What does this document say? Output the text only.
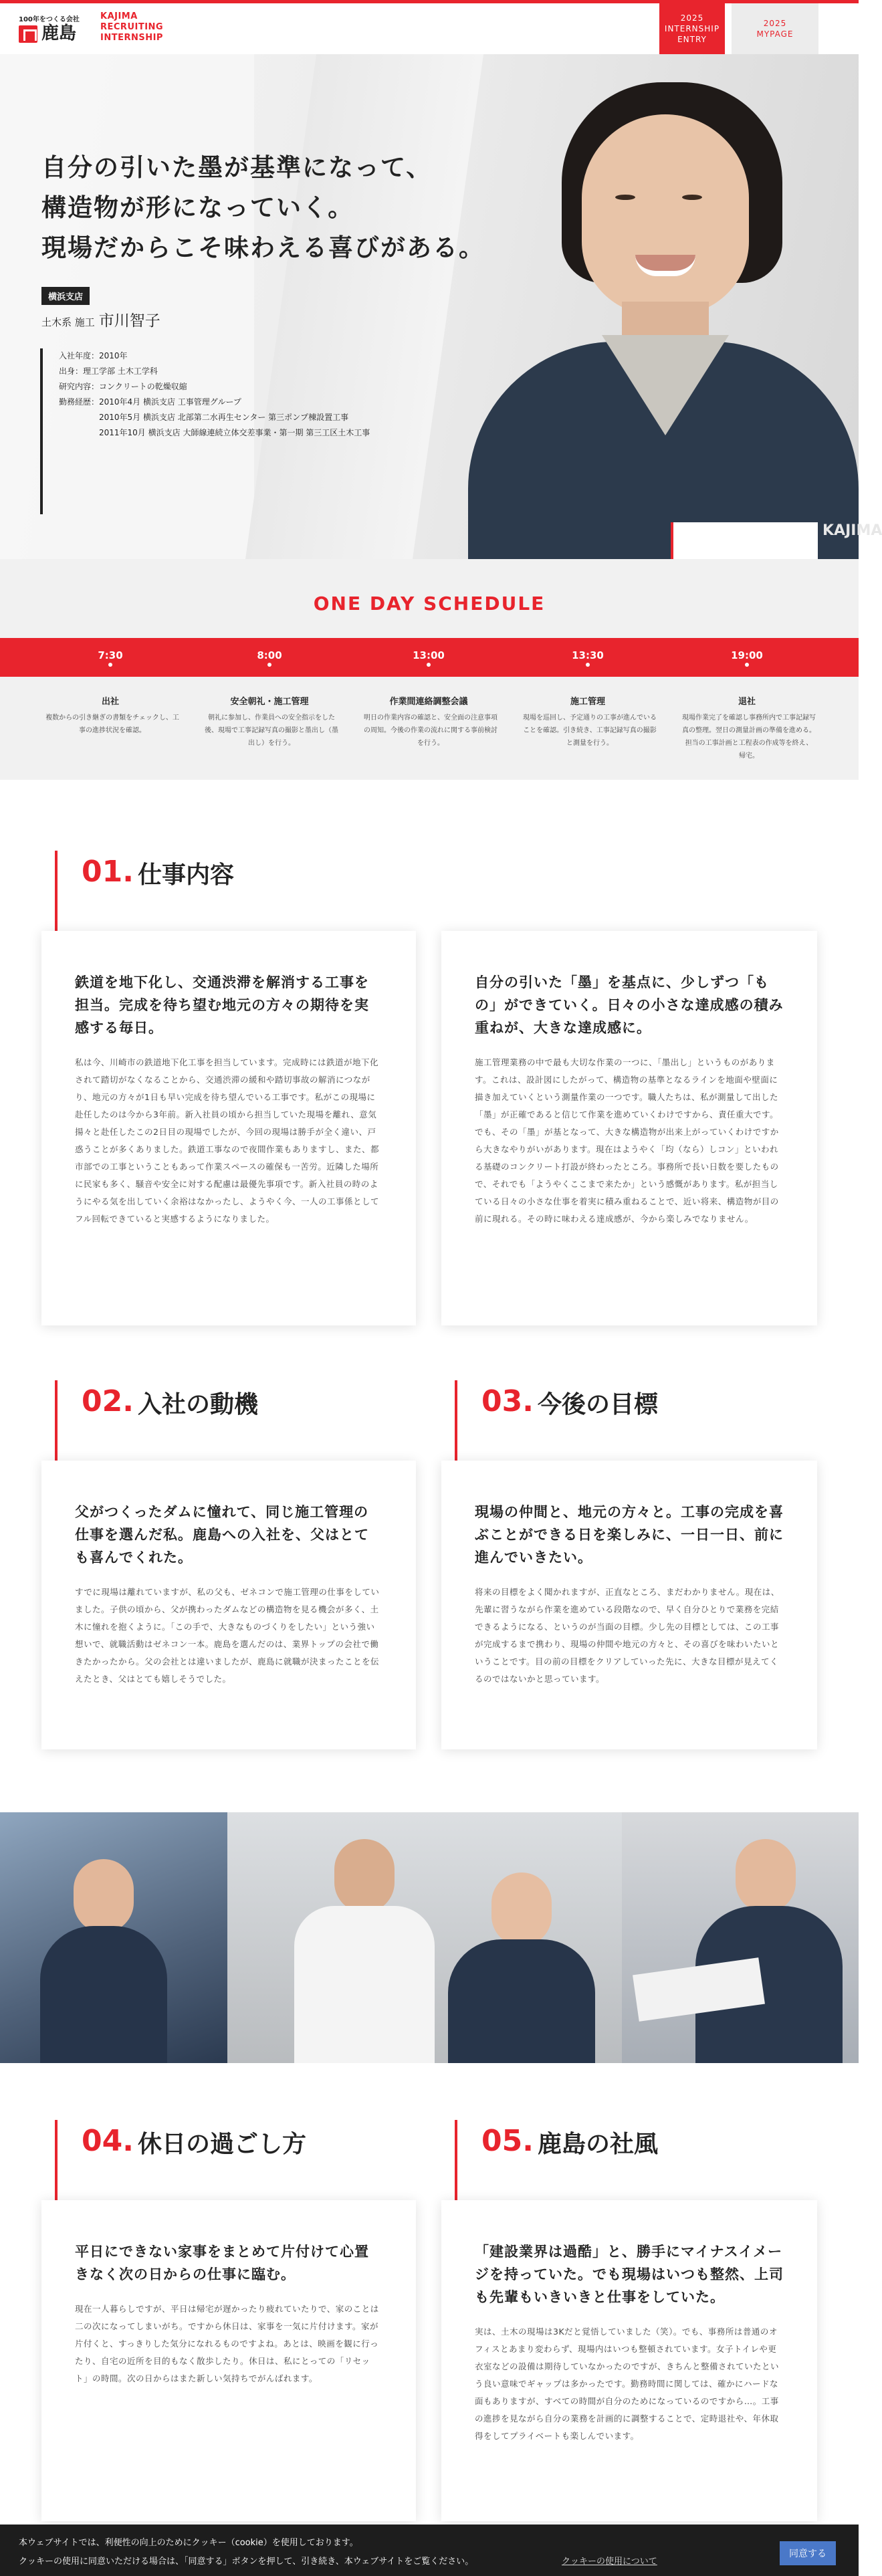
100年をつくる会社
鹿島
KAJIMA
RECRUITING
INTERNSHIP
2025
INTERNSHIP
ENTRY
2025
MYPAGE
KAJIMA
自分の引いた墨が基準になって、
構造物が形になっていく。
現場だからこそ味わえる喜びがある。
横浜支店
土木系 施工 市川智子
入社年度：2010年
出身：理工学部 土木工学科
研究内容：コンクリートの乾燥収縮
勤務経歴：2010年4月 横浜支店 工事管理グループ
2010年5月 横浜支店 北部第二水再生センター 第三ポンプ棟設置工事
2011年10月 横浜支店 大師線連続立体交差事業・第一期 第三工区土木工事
ONE DAY SCHEDULE
7:30
出社
複数からの引き継ぎの書類をチェックし、工事の進捗状況を確認。
8:00
安全朝礼・施工管理
朝礼に参加し、作業員への安全指示をした後、現場で工事記録写真の撮影と墨出し（墨出し）を行う。
13:00
作業間連絡調整会議
明日の作業内容の確認と、安全面の注意事項の周知。今後の作業の流れに関する事前検討を行う。
13:30
施工管理
現場を巡回し、予定通りの工事が進んでいることを確認。引き続き、工事記録写真の撮影と測量を行う。
19:00
退社
現場作業完了を確認し事務所内で工事記録写真の整理。翌日の測量計画の準備を進める。担当の工事計画と工程表の作成等を終え、帰宅。
01. 仕事内容
鉄道を地下化し、交通渋滞を解消する工事を担当。完成を待ち望む地元の方々の期待を実感する毎日。

私は今、川崎市の鉄道地下化工事を担当しています。完成時には鉄道が地下化されて踏切がなくなることから、交通渋滞の緩和や踏切事故の解消につながり、地元の方々が1日も早い完成を待ち望んでいる工事です。私がこの現場に赴任したのは今から3年前。新入社員の頃から担当していた現場を離れ、意気揚々と赴任したこの2日目の現場でしたが、今回の現場は勝手が全く違い、戸惑うことが多くありました。鉄道工事なので夜間作業もありますし、また、都市部での工事ということもあって作業スペースの確保も一苦労。近隣した場所に民家も多く、騒音や安全に対する配慮は最優先事項です。新入社員の時のようにやる気を出していく余裕はなかったし、ようやく今、一人の工事係としてフル回転できていると実感するようになりました。

自分の引いた「墨」を基点に、少しずつ「もの」ができていく。日々の小さな達成感の積み重ねが、大きな達成感に。

施工管理業務の中で最も大切な作業の一つに、「墨出し」というものがあります。これは、設計図にしたがって、構造物の基準となるラインを地面や壁面に描き加えていくという測量作業の一つです。職人たちは、私が測量して出した「墨」が正確であると信じて作業を進めていくわけですから、責任重大です。でも、その「墨」が基となって、大きな構造物が出来上がっていくわけですから大きなやりがいがあります。現在はようやく「均（なら）しコン」といわれる基礎のコンクリート打設が終わったところ。事務所で長い日数を要したもので、それでも「ようやくここまで来たか」という感慨があります。私が担当している日々の小さな仕事を着実に積み重ねることで、近い将来、構造物が目の前に現れる。その時に味わえる達成感が、今から楽しみでなりません。

02. 入社の動機
父がつくったダムに憧れて、同じ施工管理の仕事を選んだ私。鹿島への入社を、父はとても喜んでくれた。

すでに現場は離れていますが、私の父も、ゼネコンで施工管理の仕事をしていました。子供の頃から、父が携わったダムなどの構造物を見る機会が多く、土木に憧れを抱くように。「この手で、大きなものづくりをしたい」という強い想いで、就職活動はゼネコン一本。鹿島を選んだのは、業界トップの会社で働きたかったから。父の会社とは違いましたが、鹿島に就職が決まったことを伝えたとき、父はとても嬉しそうでした。

03. 今後の目標
現場の仲間と、地元の方々と。工事の完成を喜ぶことができる日を楽しみに、一日一日、前に進んでいきたい。

将来の目標をよく聞かれますが、正直なところ、まだわかりません。現在は、先輩に習うながら作業を進めている段階なので、早く自分ひとりで業務を完結できるようになる、というのが当面の目標。少し先の目標としては、この工事が完成するまで携わり、現場の仲間や地元の方々と、その喜びを味わいたいということです。目の前の目標をクリアしていった先に、大きな目標が見えてくるのではないかと思っています。

04. 休日の過ごし方
平日にできない家事をまとめて片付けて心置きなく次の日からの仕事に臨む。

現在一人暮らしですが、平日は帰宅が遅かったり疲れていたりで、家のことは二の次になってしまいがち。ですから休日は、家事を一気に片付けます。家が片付くと、すっきりした気分になれるものですよね。あとは、映画を観に行ったり、自宅の近所を目的もなく散歩したり。休日は、私にとっての「リセット」の時間。次の日からはまた新しい気持ちでがんばれます。

05. 鹿島の社風
「建設業界は過酷」と、勝手にマイナスイメージを持っていた。でも現場はいつも整然、上司も先輩もいきいきと仕事をしていた。

実は、土木の現場は3Kだと覚悟していました（笑）。でも、事務所は普通のオフィスとあまり変わらず、現場内はいつも整頓されています。女子トイレや更衣室などの設備は期待していなかったのですが、きちんと整備されていたという良い意味でギャップは多かったです。勤務時間に関しては、確かにハードな面もありますが、すべての時間が自分のためになっているのですから…。工事の進捗を見ながら自分の業務を計画的に調整することで、定時退社や、年休取得をしてプライベートも楽しんでいます。

本ウェブサイトでは、利便性の向上のためにクッキー（cookie）を使用しております。
クッキーの使用に同意いただける場合は、「同意する」ボタンを押して、引き続き、本ウェブサイトをご覧ください。	クッキーの使用について
同意する
